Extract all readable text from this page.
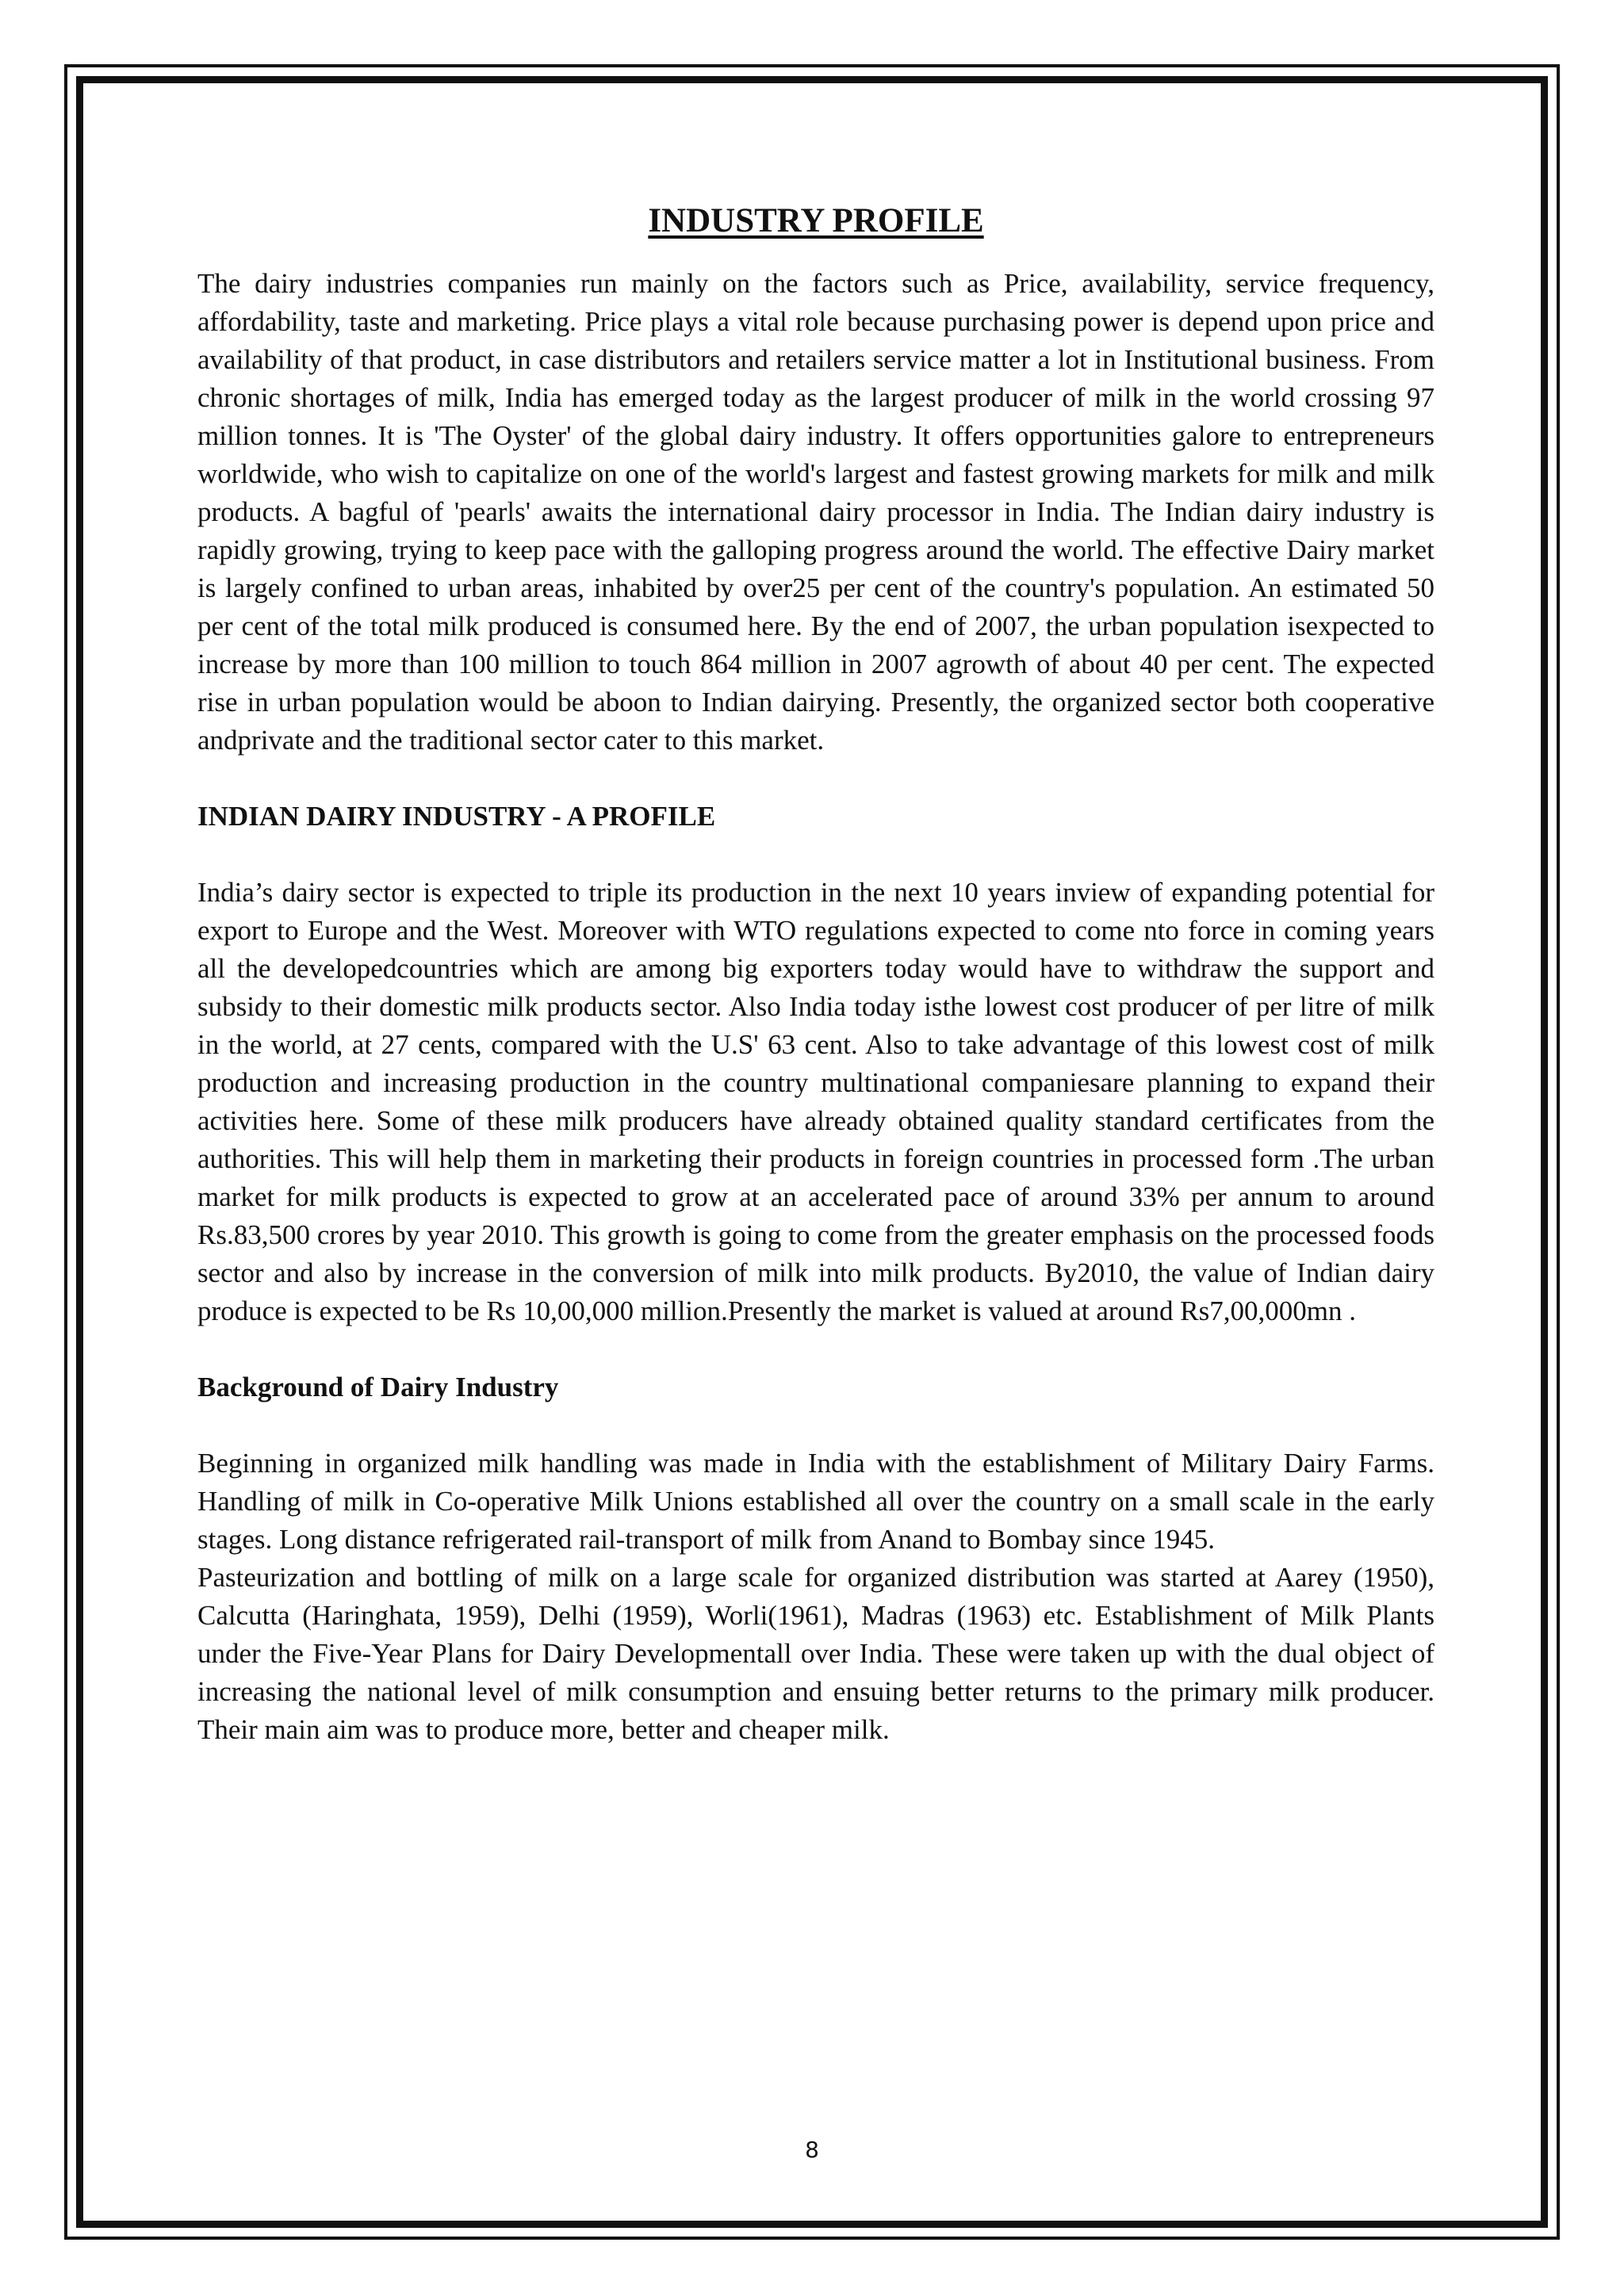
INDUSTRY PROFILE

The dairy industries companies run mainly on the factors such as Price, availability, service frequency, affordability, taste and marketing. Price plays a vital role because purchasing power is depend upon price and availability of that product, in case distributors and retailers service matter a lot in Institutional business. From chronic shortages of milk, India has emerged today as the largest producer of milk in the world crossing 97 million tonnes. It is 'The Oyster' of the global dairy industry. It offers opportunities galore to entrepreneurs worldwide, who wish to capitalize on one of the world's largest and fastest growing markets for milk and milk products. A bagful of 'pearls' awaits the international dairy processor in India. The Indian dairy industry is rapidly growing, trying to keep pace with the galloping progress around the world. The effective Dairy market is largely confined to urban areas, inhabited by over25 per cent of the country's population. An estimated 50 per cent of the total milk produced is consumed here. By the end of 2007, the urban population isexpected to increase by more than 100 million to touch 864 million in 2007 agrowth of about 40 per cent. The expected rise in urban population would be aboon to Indian dairying. Presently, the organized sector both cooperative andprivate and the traditional sector cater to this market.

INDIAN DAIRY INDUSTRY - A PROFILE

India’s dairy sector is expected to triple its production in the next 10 years inview of expanding potential for export to Europe and the West. Moreover with WTO regulations expected to come nto force in coming years all the developedcountries which are among big exporters today would have to withdraw the support and subsidy to their domestic milk products sector. Also India today isthe lowest cost producer of per litre of milk in the world, at 27 cents, compared with the U.S' 63 cent. Also to take advantage of this lowest cost of milk production and increasing production in the country multinational companiesare planning to expand their activities here. Some of these milk producers have already obtained quality standard certificates from the authorities. This will help them in marketing their products in foreign countries in processed form .The urban market for milk products is expected to grow at an accelerated pace of around 33% per annum to around Rs.83,500 crores by year 2010. This growth is going to come from the greater emphasis on the processed foods sector and also by increase in the conversion of milk into milk products. By2010, the value of Indian dairy produce is expected to be Rs 10,00,000 million.Presently the market is valued at around Rs7,00,000mn .

Background of Dairy Industry

Beginning in organized milk handling was made in India with the establishment of Military Dairy Farms. Handling of milk in Co-operative Milk Unions established all over the country on a small scale in the early stages. Long distance refrigerated rail-transport of milk from Anand to Bombay since 1945.

Pasteurization and bottling of milk on a large scale for organized distribution was started at Aarey (1950), Calcutta (Haringhata, 1959), Delhi (1959), Worli(1961), Madras (1963) etc. Establishment of Milk Plants under the Five-Year Plans for Dairy Developmentall over India. These were taken up with the dual object of increasing the national level of milk consumption and ensuing better returns to the primary milk producer. Their main aim was to produce more, better and cheaper milk.

8
